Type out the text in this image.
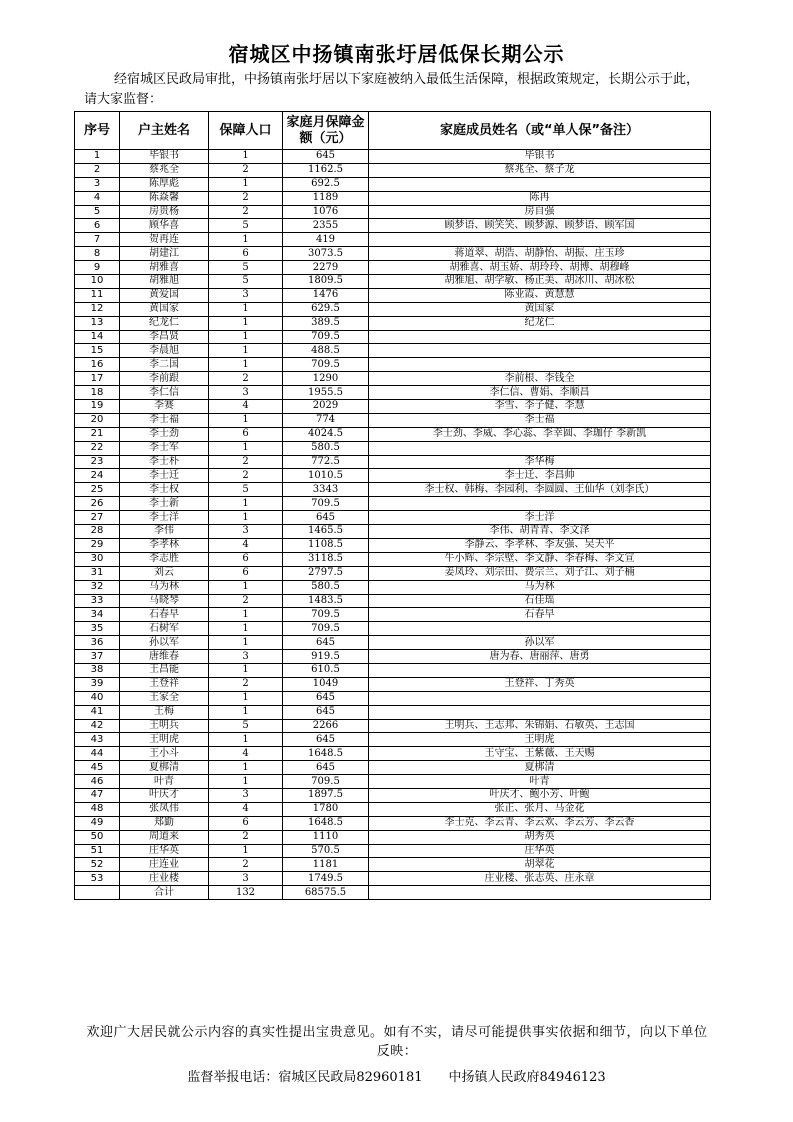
宿城区中扬镇南张圩居低保长期公示
经宿城区民政局审批，中扬镇南张圩居以下家庭被纳入最低生活保障，根据政策规定，长期公示于此，请大家监督：
序号	户主姓名	保障人口	家庭月保障金额（元）	家庭成员姓名（或“单人保”备注）
1	毕银书	1	645	毕银书
2	蔡兆全	2	1162.5	蔡兆全、蔡子龙
3	陈厚彪	1	692.5	
4	陈焱馨	2	1189	陈冉
5	房贵杨	2	1076	房自强
6	顾华喜	5	2355	顾梦语、顾笑笑、顾梦源、顾梦语、顾军国
7	贺再连	1	419	
8	胡建江	6	3073.5	蒋道翠、胡浩、胡静怡、胡振、庄玉珍
9	胡雅喜	5	2279	胡雅喜、胡玉娇、胡玲玲、胡博、胡穆峰
10	胡雅旭	5	1809.5	胡雅旭、胡学敏、杨正美、胡冰川、胡冰松
11	黄爱国	3	1476	陈业霞、黄慧慧
12	黄国家	1	629.5	黄国家
13	纪龙仁	1	389.5	纪龙仁
14	李昌贤	1	709.5	
15	李晨旭	1	488.5	
16	李二国	1	709.5	
17	李前跟	2	1290	李前根、李钱全
18	李仁信	3	1955.5	李仁信、曹娟、李顺昌
19	李赛	4	2029	李雪、李子健、李慧
20	李士福	1	774	李士福
21	李士劲	6	4024.5	李士劲、李威、李心蕊、李幸圆、李珈仔 李新凯
22	李士军	1	580.5	
23	李士朴	2	772.5	李华梅
24	李士迁	2	1010.5	李士迁、李昌帅
25	李士权	5	3343	李士权、韩梅、李园利、李圆圆、王仙华（刘李氏）
26	李士新	1	709.5	
27	李士洋	1	645	李士洋
28	李伟	3	1465.5	李伟、胡青青、李文泽
29	李孝林	4	1108.5	李静云、李孝林、李友强、吴天平
30	李志胜	6	3118.5	牛小辉、李宗壁、李文静、李春梅、李文宣
31	刘云	6	2797.5	姜凤玲、刘宗田、费宗兰、刘子江、刘子楠
32	马为林	1	580.5	马为林
33	马晓琴	2	1483.5	石佳瑶
34	石春早	1	709.5	石春早
35	石树军	1	709.5	
36	孙以军	1	645	孙以军
37	唐维春	3	919.5	唐为春、唐丽萍、唐勇
38	王昌能	1	610.5	
39	王登祥	2	1049	王登祥、丁秀英
40	王家全	1	645	
41	王梅	1	645	
42	王明兵	5	2266	王明兵、王志邦、朱锦娟、石敏英、王志国
43	王明虎	1	645	王明虎
44	王小斗	4	1648.5	王守宝、王紫薇、王天赐
45	夏梆清	1	645	夏梆清
46	叶青	1	709.5	叶青
47	叶庆才	3	1897.5	叶庆才、鲍小芳、叶鲍
48	张凤伟	4	1780	张正、张月、马金花
49	郑勤	6	1648.5	李士克、李云青、李云欢、李云芳、李云香
50	周道来	2	1110	胡秀英
51	庄华英	1	570.5	庄华英
52	庄连业	2	1181	胡翠花
53	庄业楼	3	1749.5	庄业楼、张志英、庄永章
	合计	132	68575.5	
欢迎广大居民就公示内容的真实性提出宝贵意见。如有不实，请尽可能提供事实依据和细节，向以下单位反映：
监督举报电话：宿城区民政局82960181 中扬镇人民政府84946123
